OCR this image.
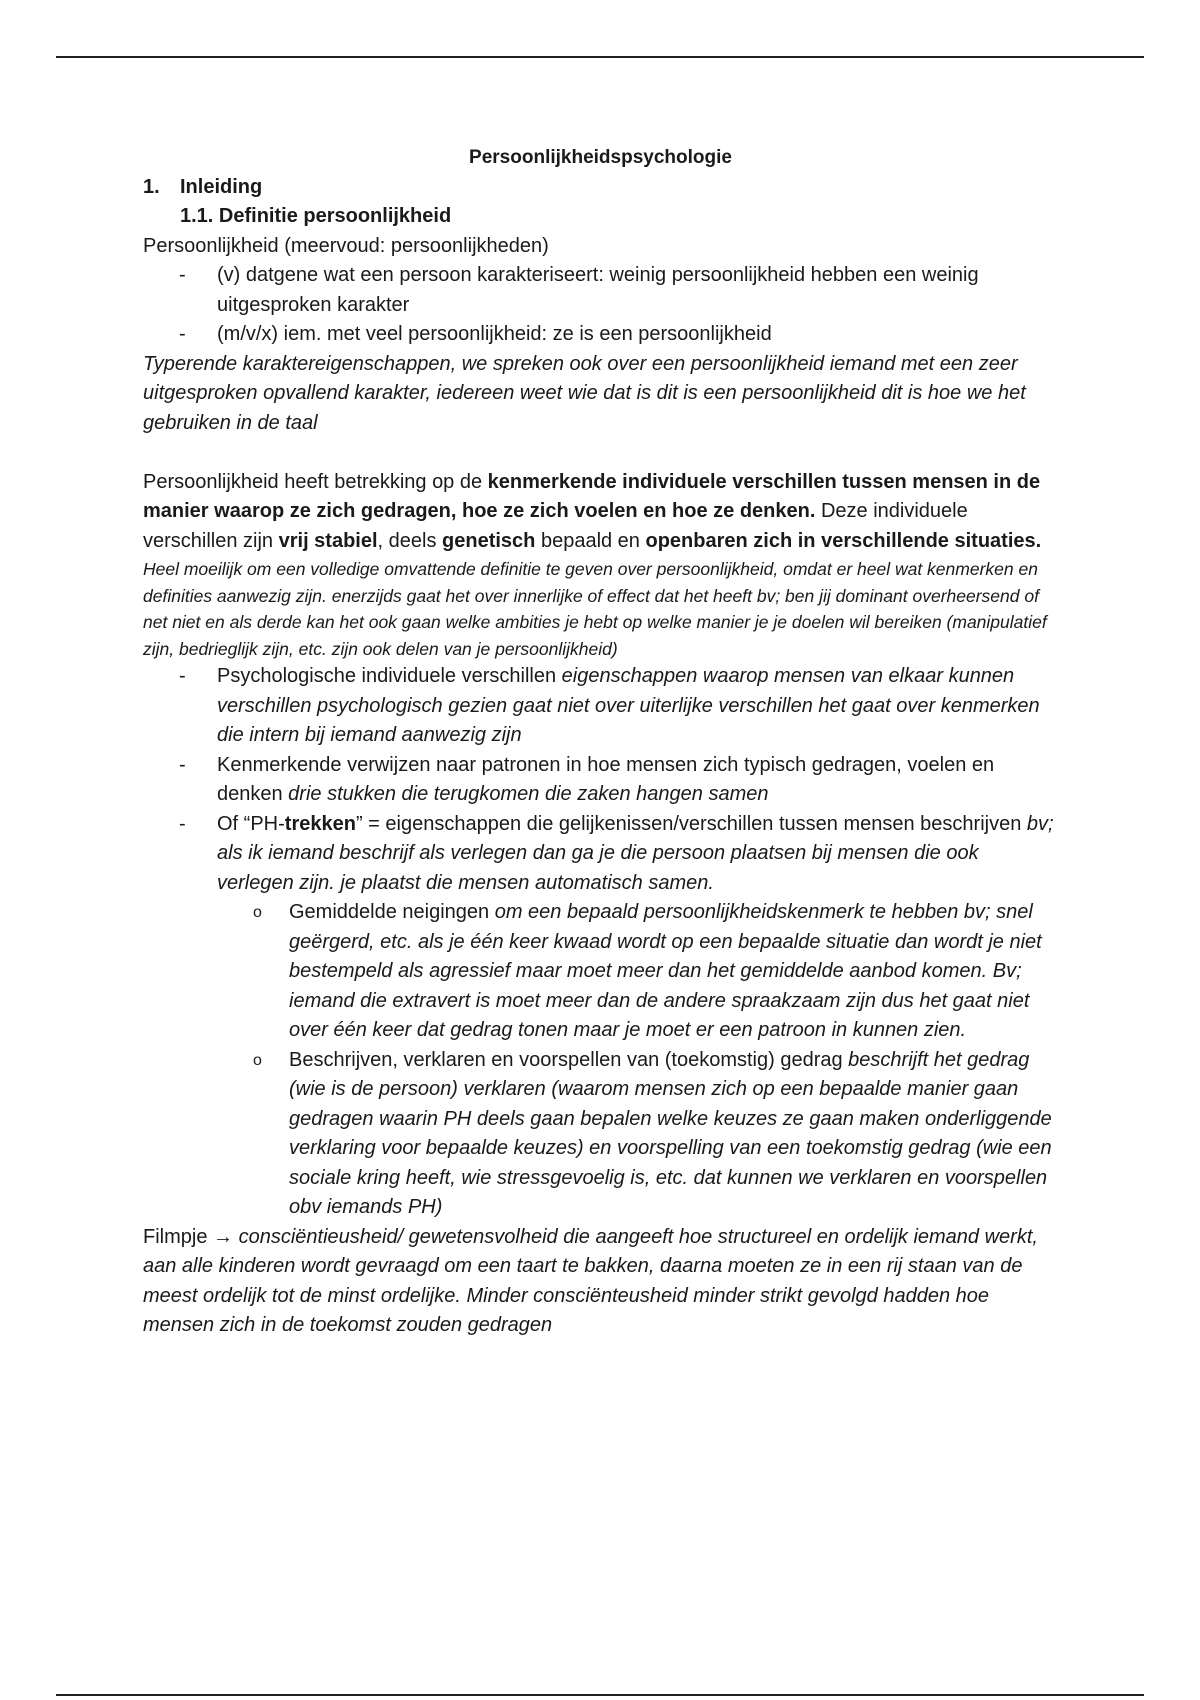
Persoonlijkheidspsychologie
1.	Inleiding
1.1. Definitie persoonlijkheid

Persoonlijkheid (meervoud: persoonlijkheden)

- (v) datgene wat een persoon karakteriseert: weinig persoonlijkheid hebben een weinig uitgesproken karakter
- (m/v/x) iem. met veel persoonlijkheid: ze is een persoonlijkheid

Typerende karaktereigenschappen, we spreken ook over een persoonlijkheid iemand met een zeer uitgesproken opvallend karakter, iedereen weet wie dat is dit is een persoonlijkheid dit is hoe we het gebruiken in de taal

Persoonlijkheid heeft betrekking op de kenmerkende individuele verschillen tussen mensen in de manier waarop ze zich gedragen, hoe ze zich voelen en hoe ze denken. Deze individuele verschillen zijn vrij stabiel, deels genetisch bepaald en openbaren zich in verschillende situaties.

Heel moeilijk om een volledige omvattende definitie te geven over persoonlijkheid, omdat er heel wat kenmerken en definities aanwezig zijn. enerzijds gaat het over innerlijke of effect dat het heeft bv; ben jij dominant overheersend of net niet en als derde kan het ook gaan welke ambities je hebt op welke manier je je doelen wil bereiken (manipulatief zijn, bedrieglijk zijn, etc. zijn ook delen van je persoonlijkheid)

- Psychologische individuele verschillen eigenschappen waarop mensen van elkaar kunnen verschillen psychologisch gezien gaat niet over uiterlijke verschillen het gaat over kenmerken die intern bij iemand aanwezig zijn
- Kenmerkende verwijzen naar patronen in hoe mensen zich typisch gedragen, voelen en denken drie stukken die terugkomen die zaken hangen samen
- Of “PH-trekken” = eigenschappen die gelijkenissen/verschillen tussen mensen beschrijven bv; als ik iemand beschrijf als verlegen dan ga je die persoon plaatsen bij mensen die ook verlegen zijn. je plaatst die mensen automatisch samen.
o Gemiddelde neigingen om een bepaald persoonlijkheidskenmerk te hebben bv; snel geërgerd, etc. als je één keer kwaad wordt op een bepaalde situatie dan wordt je niet bestempeld als agressief maar moet meer dan het gemiddelde aanbod komen. Bv; iemand die extravert is moet meer dan de andere spraakzaam zijn dus het gaat niet over één keer dat gedrag tonen maar je moet er een patroon in kunnen zien.
o Beschrijven, verklaren en voorspellen van (toekomstig) gedrag beschrijft het gedrag (wie is de persoon) verklaren (waarom mensen zich op een bepaalde manier gaan gedragen waarin PH deels gaan bepalen welke keuzes ze gaan maken onderliggende verklaring voor bepaalde keuzes) en voorspelling van een toekomstig gedrag (wie een sociale kring heeft, wie stressgevoelig is, etc. dat kunnen we verklaren en voorspellen obv iemands PH)

Filmpje → consciëntieusheid/ gewetensvolheid die aangeeft hoe structureel en ordelijk iemand werkt, aan alle kinderen wordt gevraagd om een taart te bakken, daarna moeten ze in een rij staan van de meest ordelijk tot de minst ordelijke. Minder consciënteusheid minder strikt gevolgd hadden hoe mensen zich in de toekomst zouden gedragen
